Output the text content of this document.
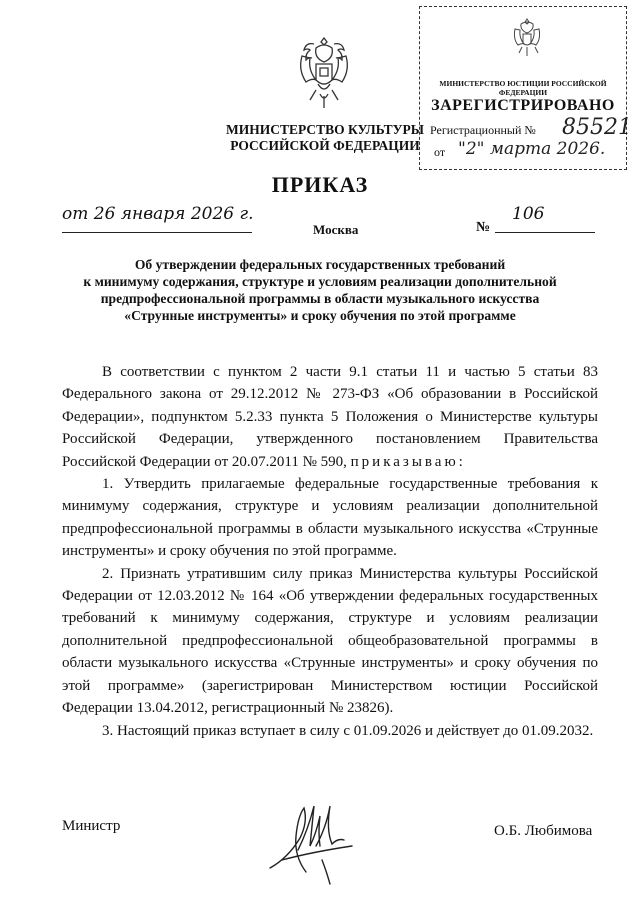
МИНИСТЕРСТВО КУЛЬТУРЫ
РОССИЙСКОЙ ФЕДЕРАЦИИ
МИНИСТЕРСТВО ЮСТИЦИИ РОССИЙСКОЙ ФЕДЕРАЦИИ
ЗАРЕГИСТРИРОВАНО
Регистрационный № 85521
от "2" марта 2026.
ПРИКАЗ
от 26 января 2026 г.
Москва	№
106
Об утверждении федеральных государственных требований
к минимуму содержания, структуре и условиям реализации дополнительной
предпрофессиональной программы в области музыкального искусства
«Струнные инструменты» и сроку обучения по этой программе

В соответствии с пунктом 2 части 9.1 статьи 11 и частью 5 статьи 83 Федерального закона от 29.12.2012 № 273-ФЗ «Об образовании в Российской Федерации», подпунктом 5.2.33 пункта 5 Положения о Министерстве культуры Российской Федерации, утвержденного постановлением Правительства Российской Федерации от 20.07.2011 № 590, приказываю:

1. Утвердить прилагаемые федеральные государственные требования к минимуму содержания, структуре и условиям реализации дополнительной предпрофессиональной программы в области музыкального искусства «Струнные инструменты» и сроку обучения по этой программе.

2. Признать утратившим силу приказ Министерства культуры Российской Федерации от 12.03.2012 № 164 «Об утверждении федеральных государственных требований к минимуму содержания, структуре и условиям реализации дополнительной предпрофессиональной общеобразовательной программы в области музыкального искусства «Струнные инструменты» и сроку обучения по этой программе» (зарегистрирован Министерством юстиции Российской Федерации 13.04.2012, регистрационный № 23826).

3. Настоящий приказ вступает в силу с 01.09.2026 и действует до 01.09.2032.

Министр	О.Б. Любимова
